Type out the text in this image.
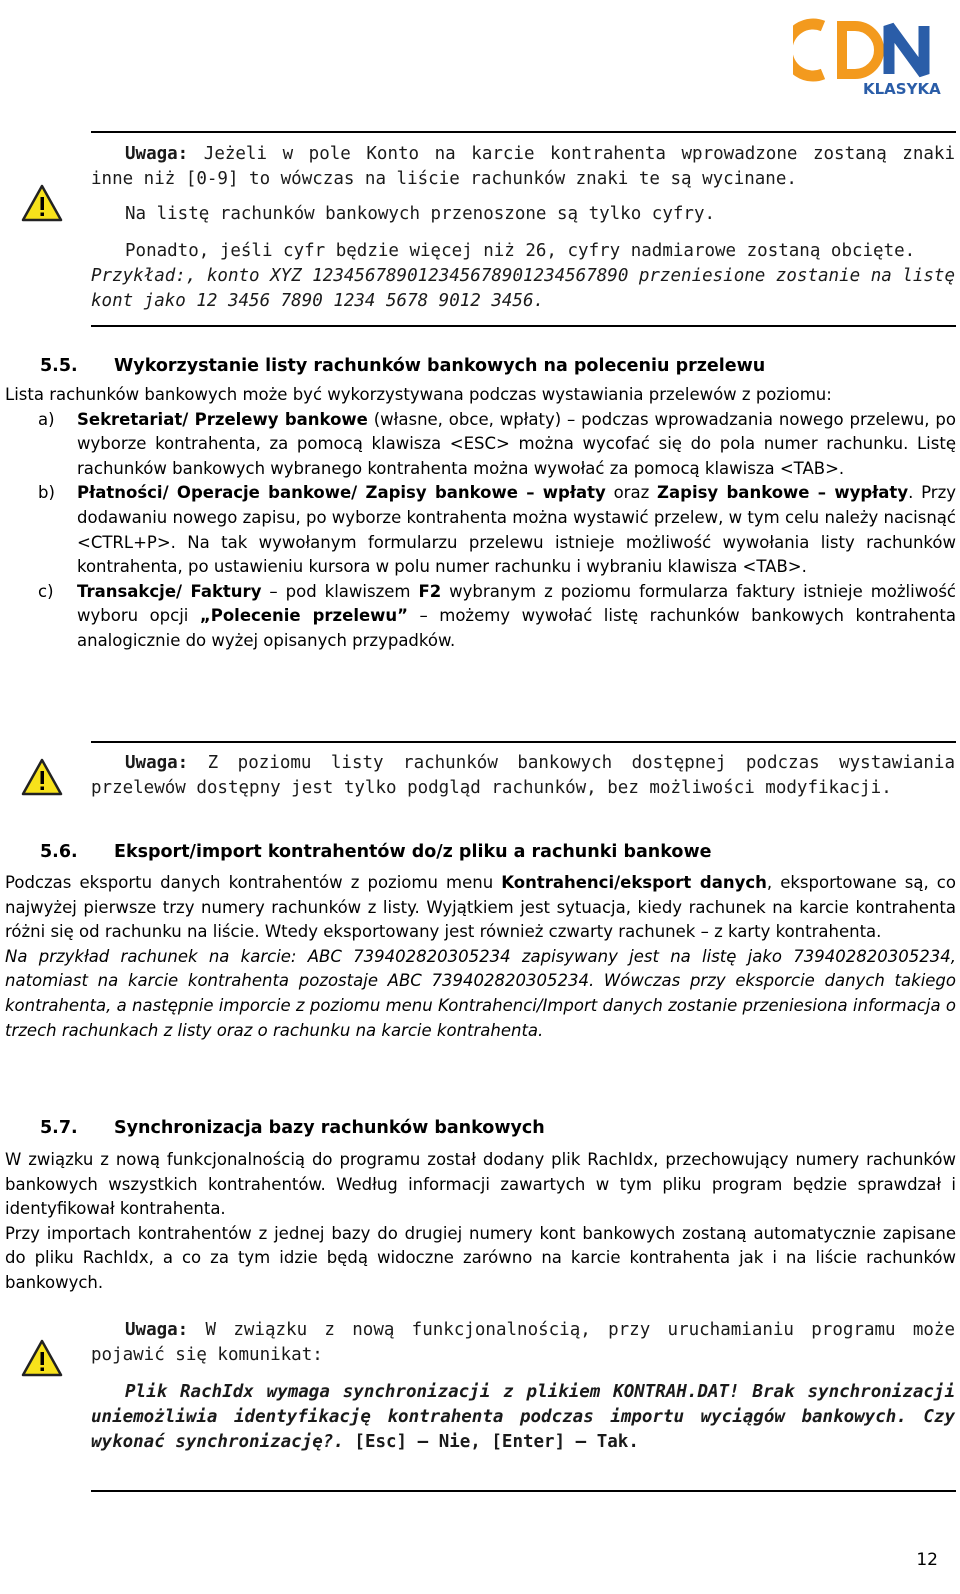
KLASYKA

Uwaga: Jeżeli w pole Konto na karcie kontrahenta wprowadzone zostaną znaki inne niż [0-9] to wówczas na liście rachunków znaki te są wycinane.

Na listę rachunków bankowych przenoszone są tylko cyfry.

Ponadto, jeśli cyfr będzie więcej niż 26, cyfry nadmiarowe zostaną obcięte.

Przykład:, konto XYZ 12345678901234567890123456789​0 przeniesione zostanie na listę kont jako 12 3456 7890 1234 5678 9012 3456.

5.5. Wykorzystanie listy rachunków bankowych na poleceniu przelewu

Lista rachunków bankowych może być wykorzystywana podczas wystawiania przelewów z poziomu:

a)	Sekretariat/ Przelewy bankowe (własne, obce, wpłaty) – podczas wprowadzania nowego przelewu, po wyborze kontrahenta, za pomocą klawisza <ESC> można wycofać się do pola numer rachunku. Listę rachunków bankowych wybranego kontrahenta można wywołać za pomocą klawisza <TAB>.
b)	Płatności/ Operacje bankowe/ Zapisy bankowe – wpłaty oraz Zapisy bankowe – wypłaty. Przy dodawaniu nowego zapisu, po wyborze kontrahenta można wystawić przelew, w tym celu należy nacisnąć <CTRL+P>. Na tak wywołanym formularzu przelewu istnieje możliwość wywołania listy rachunków kontrahenta, po ustawieniu kursora w polu numer rachunku i wybraniu klawisza <TAB>.
c)	Transakcje/ Faktury – pod klawiszem F2 wybranym z poziomu formularza faktury istnieje możliwość wyboru opcji „Polecenie przelewu” – możemy wywołać listę rachunków bankowych kontrahenta analogicznie do wyżej opisanych przypadków.

Uwaga: Z poziomu listy rachunków bankowych dostępnej podczas wystawiania przelewów dostępny jest tylko podgląd rachunków, bez możliwości modyfikacji.

5.6. Eksport/import kontrahentów do/z pliku a rachunki bankowe

Podczas eksportu danych kontrahentów z poziomu menu Kontrahenci/eksport danych, eksportowane są, co najwyżej pierwsze trzy numery rachunków z listy. Wyjątkiem jest sytuacja, kiedy rachunek na karcie kontrahenta różni się od rachunku na liście. Wtedy eksportowany jest również czwarty rachunek – z karty kontrahenta.

Na przykład rachunek na karcie: ABC 739402820305234 zapisywany jest na listę jako 739402820305234, natomiast na karcie kontrahenta pozostaje ABC 739402820305234. Wówczas przy eksporcie danych takiego kontrahenta, a następnie imporcie z poziomu menu Kontrahenci/Import danych zostanie przeniesiona informacja o trzech rachunkach z listy oraz o rachunku na karcie kontrahenta.

5.7. Synchronizacja bazy rachunków bankowych

W związku z nową funkcjonalnością do programu został dodany plik RachIdx, przechowujący numery rachunków bankowych wszystkich kontrahentów. Według informacji zawartych w tym pliku program będzie sprawdzał i identyfikował kontrahenta.

Przy importach kontrahentów z jednej bazy do drugiej numery kont bankowych zostaną automatycznie zapisane do pliku RachIdx, a co za tym idzie będą widoczne zarówno na karcie kontrahenta jak i na liście rachunków bankowych.

Uwaga: W związku z nową funkcjonalnością, przy uruchamianiu programu może pojawić się komunikat:

Plik RachIdx wymaga synchronizacji z plikiem KONTRAH.DAT! Brak synchronizacji uniemożliwia identyfikację kontrahenta podczas importu wyciągów bankowych. Czy wykonać synchronizację?. [Esc] – Nie, [Enter] – Tak.

12
